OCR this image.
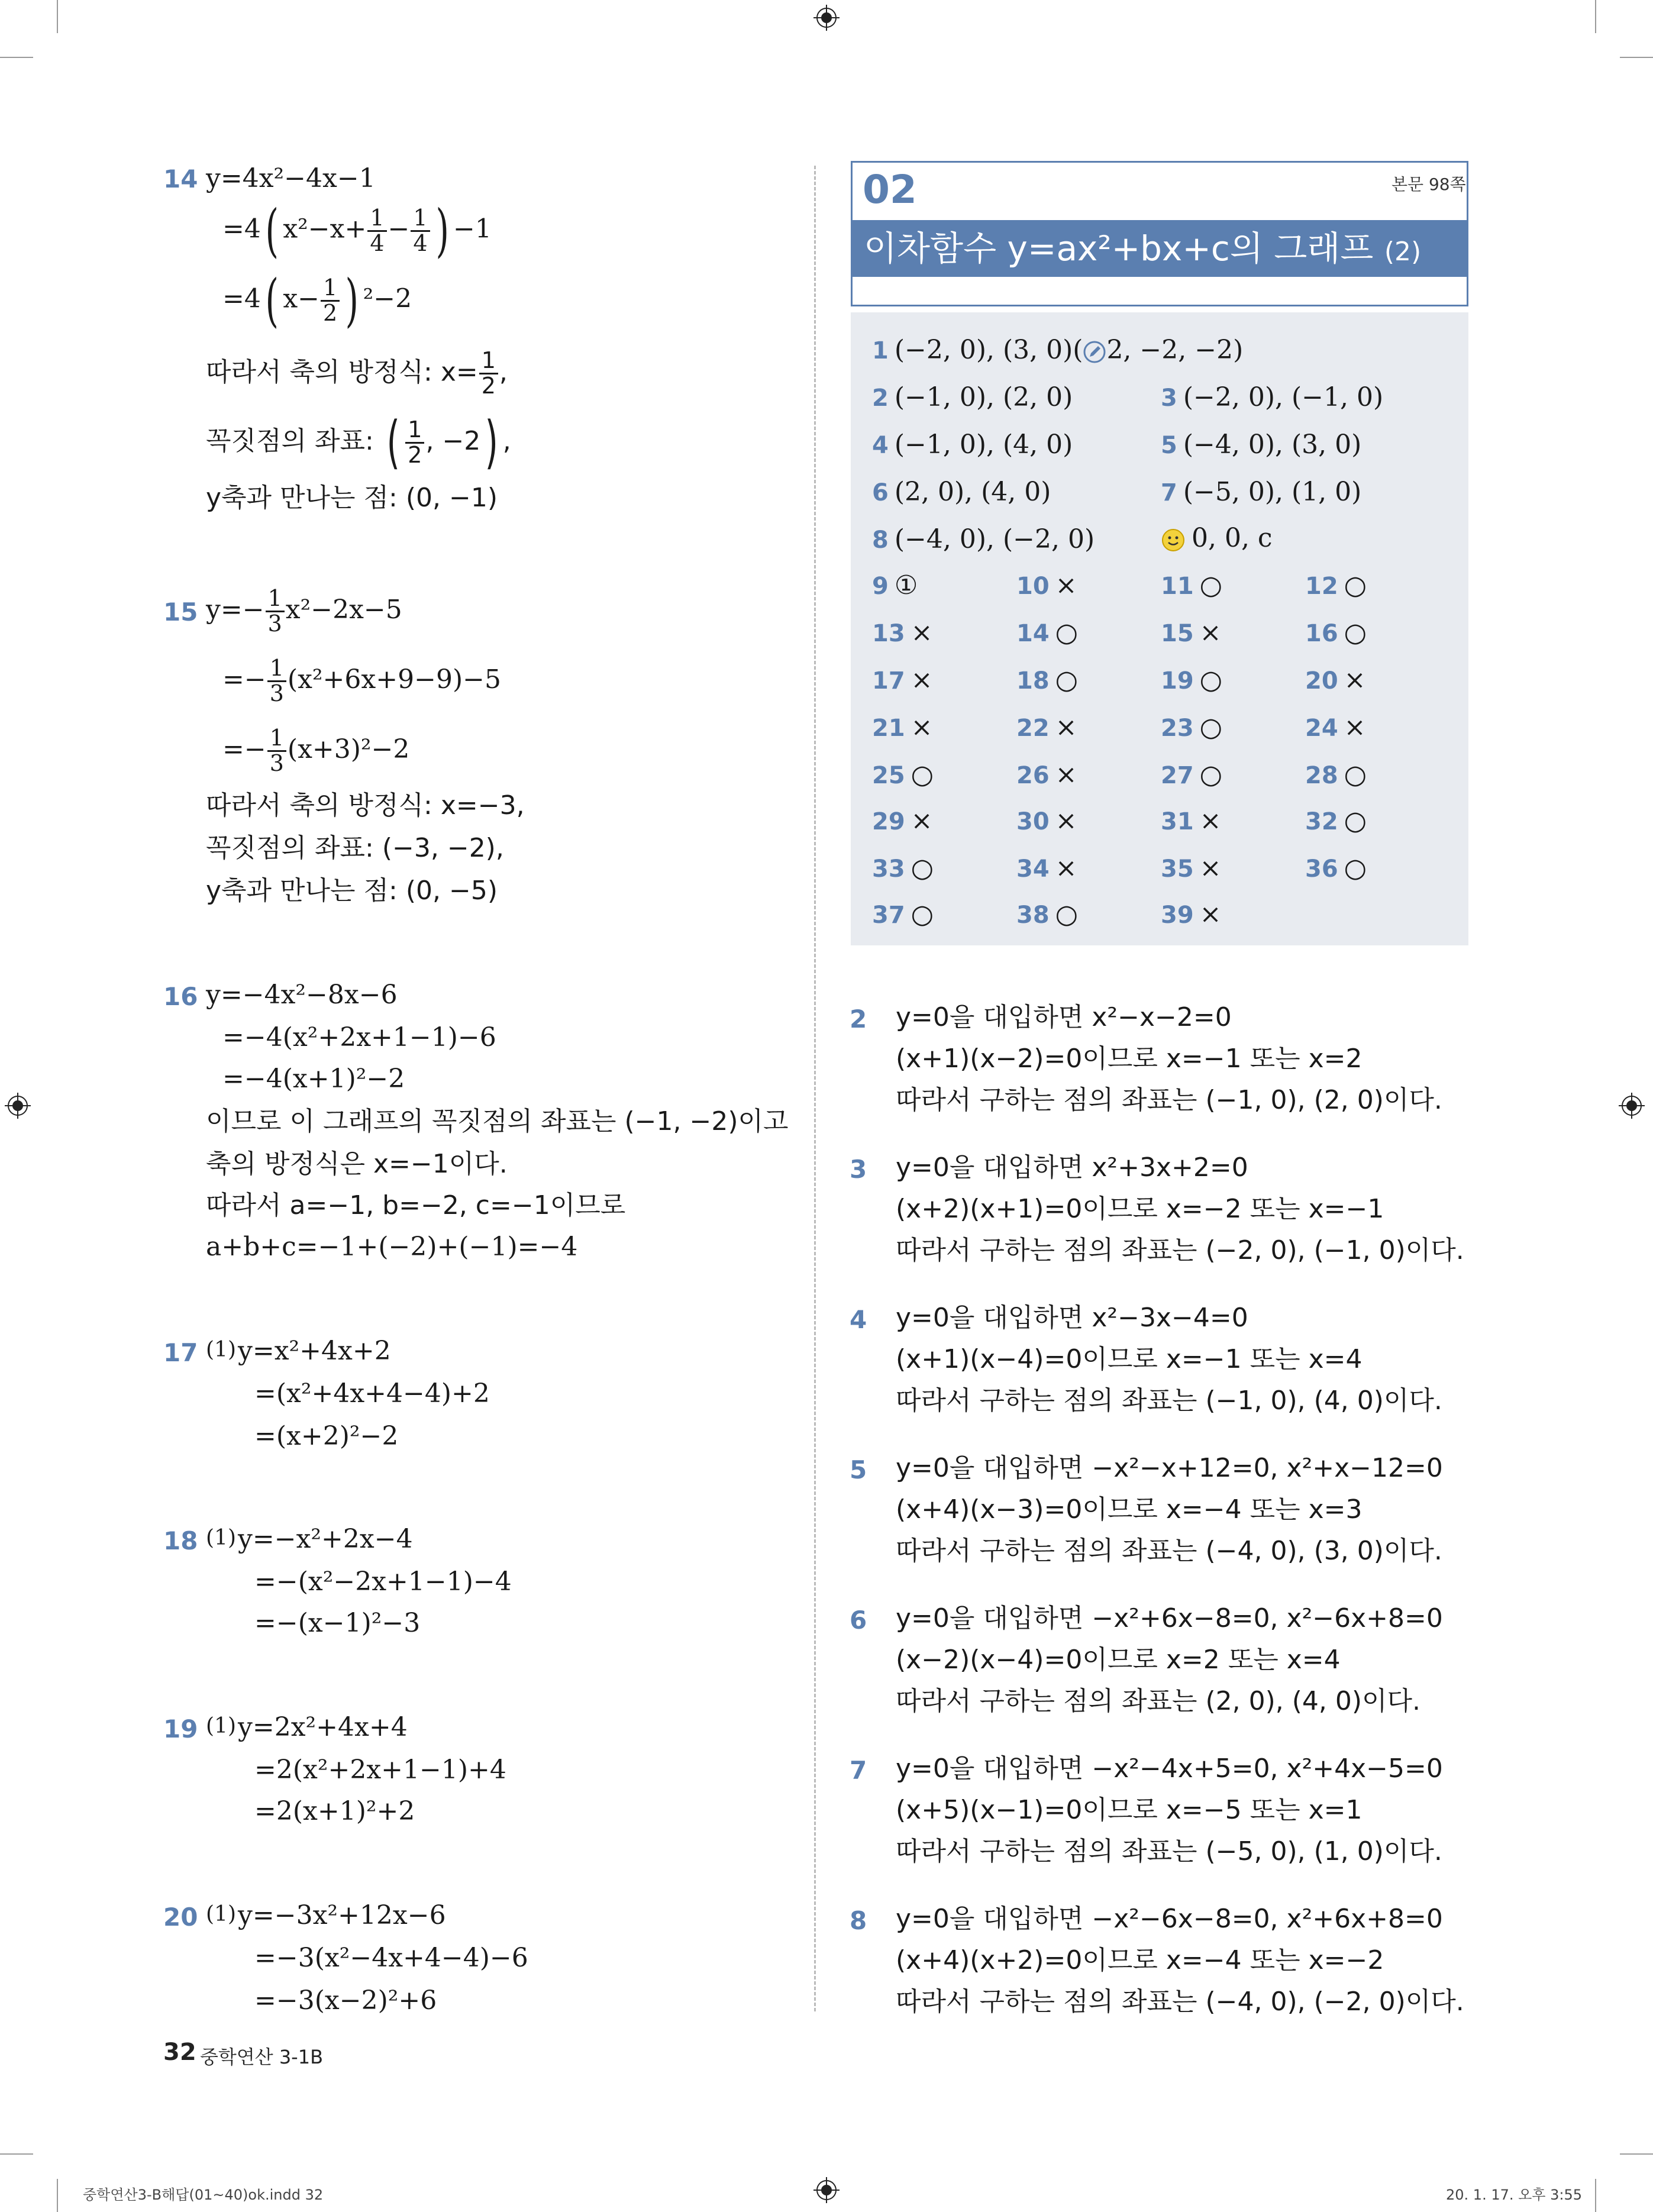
14 y=4x²−4x−1
=4( $x^2-x+ \frac{1}{4} - \frac{1}{4}$ ) −1
=4( $x- \frac{1}{2}$ ) ²−2
따라서 축의 방정식: $x= \frac{1}{2}$ ,
꼭짓점의 좌표: ( $\frac{1}{2}$ , −2) ,
y축과 만나는 점: (0, −1)
15 $y=- \frac{1}{3} x^2-2x-5$
=− $\frac{1}{3} (x^2+6x+9-9)-5$
=− $\frac{1}{3} (x+3)^2-2$
따라서 축의 방정식: x=−3,
꼭짓점의 좌표: (−3, −2),
y축과 만나는 점: (0, −5)
16 y=−4x²−8x−6
=−4(x²+2x+1−1)−6
=−4(x+1)²−2
이므로 이 그래프의 꼭짓점의 좌표는 (−1, −2)이고
축의 방정식은 x=−1이다.
따라서 a=−1, b=−2, c=−1이므로
a+b+c=−1+(−2)+(−1)=−4
17 (1) y=x²+4x+2
=(x²+4x+4−4)+2
=(x+2)²−2
18 (1) y=−x²+2x−4
=−(x²−2x+1−1)−4
=−(x−1)²−3
19 (1) y=2x²+4x+4
=2(x²+2x+1−1)+4
=2(x+1)²+2
20 (1) y=−3x²+12x−6
=−3(x²−4x+4−4)−6
=−3(x−2)²+6
32 중학연산 3-1B
02	본문 98쪽
이차함수 y=ax²+bx+c의 그래프 (2)
1 (−2, 0), (3, 0)( 2, −2, −2)
2 (−1, 0), (2, 0)	3 (−2, 0), (−1, 0)
4 (−1, 0), (4, 0)	5 (−4, 0), (3, 0)
6 (2, 0), (4, 0)	7 (−5, 0), (1, 0)
8 (−4, 0), (−2, 0)	0, 0, c
9 ①	10 ×	11 ○	12 ○
13 ×	14 ○	15 ×	16 ○
17 ×	18 ○	19 ○	20 ×
21 ×	22 ×	23 ○	24 ×
25 ○	26 ×	27 ○	28 ○
29 ×	30 ×	31 ×	32 ○
33 ○	34 ×	35 ×	36 ○
37 ○	38 ○	39 ×
2 y=0을 대입하면 x²−x−2=0
(x+1)(x−2)=0이므로 x=−1 또는 x=2
따라서 구하는 점의 좌표는 (−1, 0), (2, 0)이다.
3 y=0을 대입하면 x²+3x+2=0
(x+2)(x+1)=0이므로 x=−2 또는 x=−1
따라서 구하는 점의 좌표는 (−2, 0), (−1, 0)이다.
4 y=0을 대입하면 x²−3x−4=0
(x+1)(x−4)=0이므로 x=−1 또는 x=4
따라서 구하는 점의 좌표는 (−1, 0), (4, 0)이다.
5 y=0을 대입하면 −x²−x+12=0, x²+x−12=0
(x+4)(x−3)=0이므로 x=−4 또는 x=3
따라서 구하는 점의 좌표는 (−4, 0), (3, 0)이다.
6 y=0을 대입하면 −x²+6x−8=0, x²−6x+8=0
(x−2)(x−4)=0이므로 x=2 또는 x=4
따라서 구하는 점의 좌표는 (2, 0), (4, 0)이다.
7 y=0을 대입하면 −x²−4x+5=0, x²+4x−5=0
(x+5)(x−1)=0이므로 x=−5 또는 x=1
따라서 구하는 점의 좌표는 (−5, 0), (1, 0)이다.
8 y=0을 대입하면 −x²−6x−8=0, x²+6x+8=0
(x+4)(x+2)=0이므로 x=−4 또는 x=−2
따라서 구하는 점의 좌표는 (−4, 0), (−2, 0)이다.
중학연산3-B해답(01~40)ok.indd 32	20. 1. 17. 오후 3:55
